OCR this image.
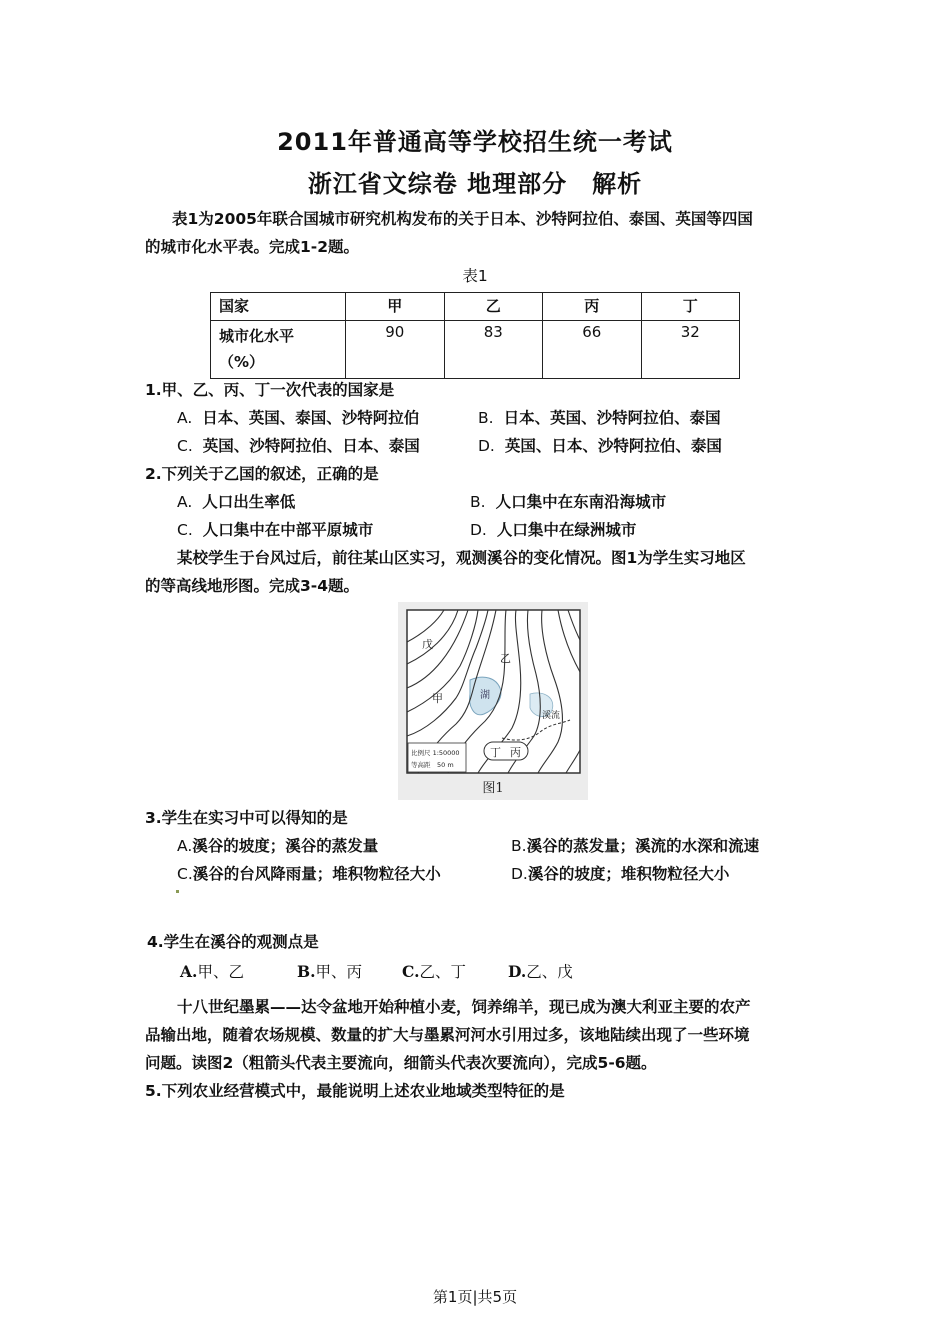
2011年普通高等学校招生统一考试
浙江省文综卷 地理部分　解析
表1为2005年联合国城市研究机构发布的关于日本、沙特阿拉伯、泰国、英国等四国
的城市化水平表。完成1-2题。
表1
国家	甲	乙	丙	丁

城市化水平
（%）	90	83	66	32
1.甲、乙、丙、丁一次代表的国家是
A. 日本、英国、泰国、沙特阿拉伯	B. 日本、英国、沙特阿拉伯、泰国
C. 英国、沙特阿拉伯、日本、泰国	D. 英国、日本、沙特阿拉伯、泰国
2.下列关于乙国的叙述，正确的是
A. 人口出生率低	B. 人口集中在东南沿海城市
C. 人口集中在中部平原城市	D. 人口集中在绿洲城市
某校学生于台风过后，前往某山区实习，观测溪谷的变化情况。图1为学生实习地区
的等高线地形图。完成3-4题。
戊
甲
乙
湖
溪流
丁 丙
比例尺 1:50000
等高距　50 m
图1
3.学生在实习中可以得知的是
A.溪谷的坡度；溪谷的蒸发量	B.溪谷的蒸发量；溪流的水深和流速
C.溪谷的台风降雨量；堆积物粒径大小	D.溪谷的坡度；堆积物粒径大小
4.学生在溪谷的观测点是
A.甲、乙	B.甲、丙	C.乙、丁	D.乙、戊
十八世纪墨累——达令盆地开始种植小麦，饲养绵羊，现已成为澳大利亚主要的农产
品输出地，随着农场规模、数量的扩大与墨累河河水引用过多，该地陆续出现了一些环境
问题。读图2（粗箭头代表主要流向，细箭头代表次要流向），完成5-6题。
5.下列农业经营模式中，最能说明上述农业地域类型特征的是
第1页|共5页
